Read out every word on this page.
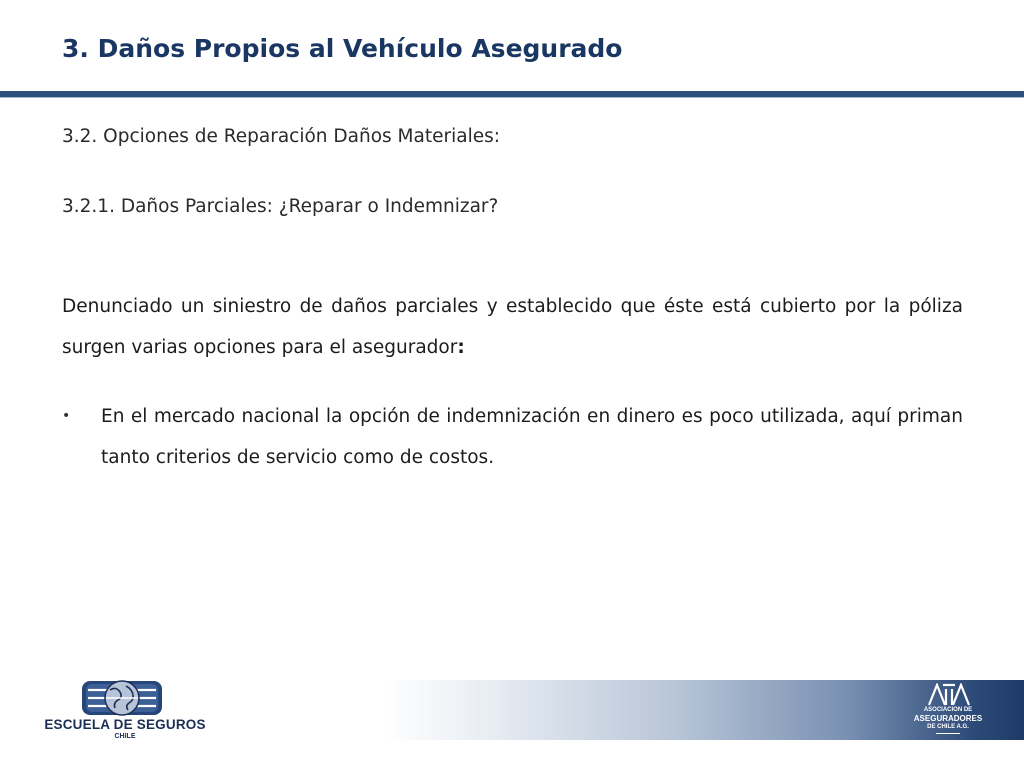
3. Daños Propios al Vehículo Asegurado
3.2. Opciones de Reparación Daños Materiales:
3.2.1. Daños Parciales: ¿Reparar o Indemnizar?
Denunciado un siniestro de daños parciales y establecido que éste está cubierto por la póliza surgen varias opciones para el asegurador:
• En el mercado nacional la opción de indemnización en dinero es poco utilizada, aquí priman tanto criterios de servicio como de costos.
ESCUELA DE SEGUROS
CHILE
ASOCIACION DE
ASEGURADORES
DE CHILE A.G.
